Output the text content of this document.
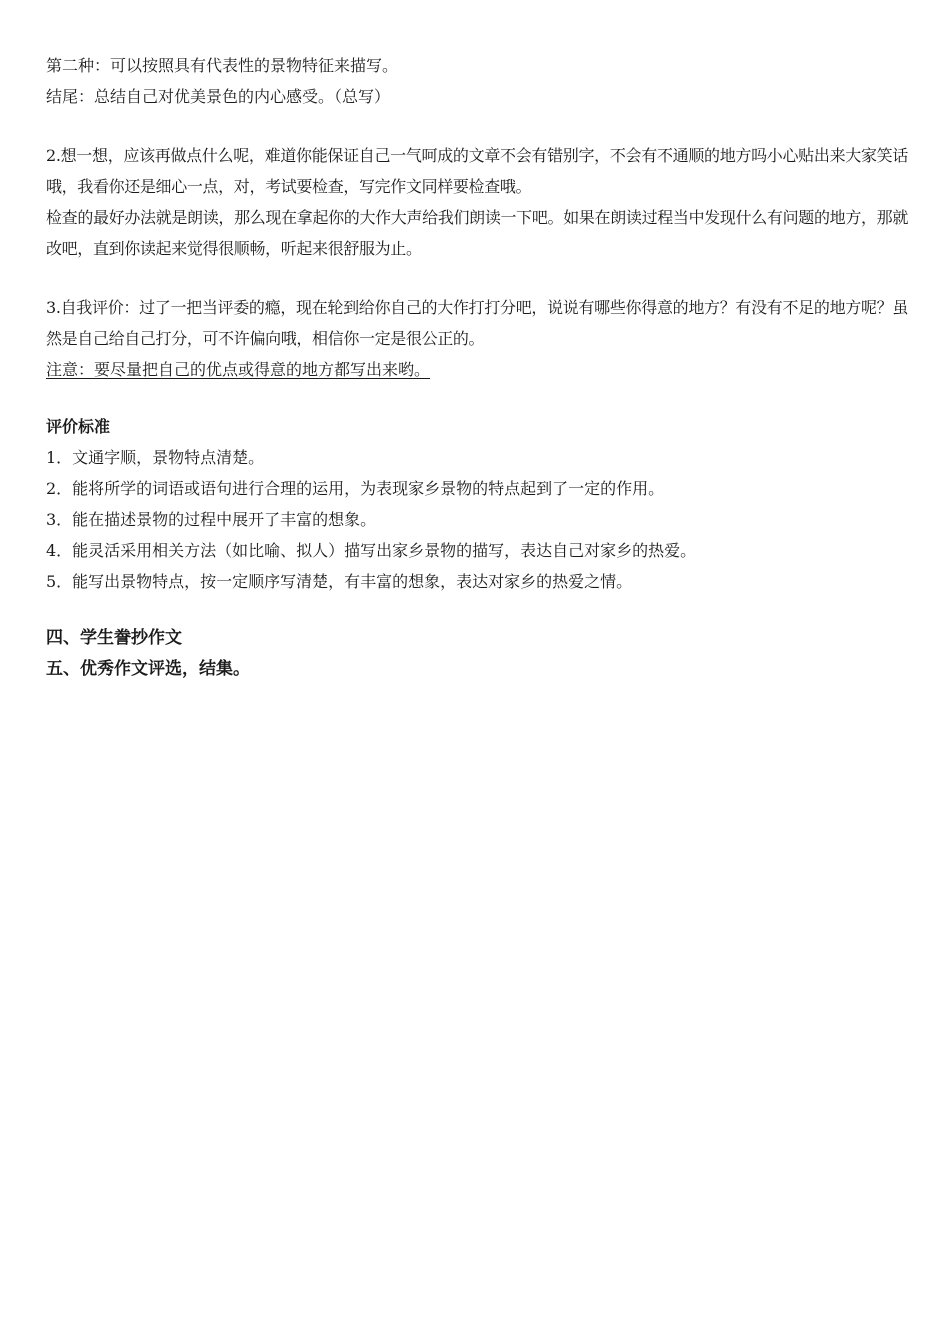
第二种：可以按照具有代表性的景物特征来描写。

结尾：总结自己对优美景色的内心感受。（总写）

2.想一想，应该再做点什么呢，难道你能保证自己一气呵成的文章不会有错别字，不会有不通顺的地方吗小心贴出来大家笑话哦，我看你还是细心一点，对，考试要检查，写完作文同样要检查哦。

检查的最好办法就是朗读，那么现在拿起你的大作大声给我们朗读一下吧。如果在朗读过程当中发现什么有问题的地方，那就改吧，直到你读起来觉得很顺畅，听起来很舒服为止。

3.自我评价：过了一把当评委的瘾，现在轮到给你自己的大作打打分吧，说说有哪些你得意的地方？有没有不足的地方呢？虽然是自己给自己打分，可不许偏向哦，相信你一定是很公正的。

注意：要尽量把自己的优点或得意的地方都写出来哟。

评价标准

1．文通字顺，景物特点清楚。

2．能将所学的词语或语句进行合理的运用，为表现家乡景物的特点起到了一定的作用。

3．能在描述景物的过程中展开了丰富的想象。

4．能灵活采用相关方法（如比喻、拟人）描写出家乡景物的描写，表达自己对家乡的热爱。

5．能写出景物特点，按一定顺序写清楚，有丰富的想象，表达对家乡的热爱之情。

四、学生誊抄作文

五、优秀作文评选，结集。
